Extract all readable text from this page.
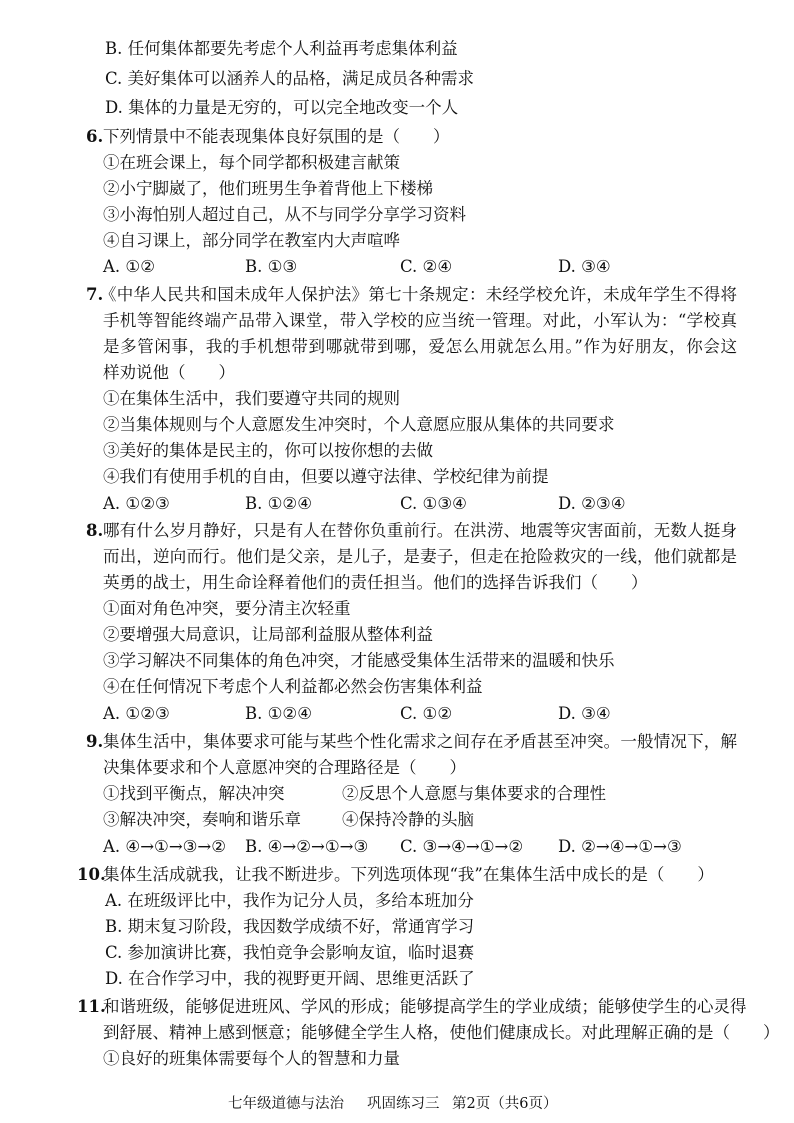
B. 任何集体都要先考虑个人利益再考虑集体利益
C. 美好集体可以涵养人的品格，满足成员各种需求
D. 集体的力量是无穷的，可以完全地改变一个人
6. 下列情景中不能表现集体良好氛围的是（　　）
①在班会课上，每个同学都积极建言献策
②小宁脚崴了，他们班男生争着背他上下楼梯
③小海怕别人超过自己，从不与同学分享学习资料
④自习课上，部分同学在教室内大声喧哗
A. ①②	B. ①③	C. ②④	D. ③④
7.
《中华人民共和国未成年人保护法》第七十条规定：未经学校允许，未成年学生不得将
手机等智能终端产品带入课堂，带入学校的应当统一管理。对此，小军认为：“学校真
是多管闲事，我的手机想带到哪就带到哪，爱怎么用就怎么用。”作为好朋友，你会这
样劝说他（　　）
①在集体生活中，我们要遵守共同的规则
②当集体规则与个人意愿发生冲突时，个人意愿应服从集体的共同要求
③美好的集体是民主的，你可以按你想的去做
④我们有使用手机的自由，但要以遵守法律、学校纪律为前提
A. ①②③	B. ①②④	C. ①③④	D. ②③④
8. 哪有什么岁月静好，只是有人在替你负重前行。在洪涝、地震等灾害面前，无数人挺身
而出，逆向而行。他们是父亲，是儿子，是妻子，但走在抢险救灾的一线，他们就都是
英勇的战士，用生命诠释着他们的责任担当。他们的选择告诉我们（　　）
①面对角色冲突，要分清主次轻重
②要增强大局意识，让局部利益服从整体利益
③学习解决不同集体的角色冲突，才能感受集体生活带来的温暖和快乐
④在任何情况下考虑个人利益都必然会伤害集体利益
A. ①②③	B. ①②④	C. ①②	D. ③④
9. 集体生活中，集体要求可能与某些个性化需求之间存在矛盾甚至冲突。一般情况下，解
决集体要求和个人意愿冲突的合理路径是（　　）
①找到平衡点，解决冲突	②反思个人意愿与集体要求的合理性
③解决冲突，奏响和谐乐章 ④保持冷静的头脑
A. ④→①→③→② B. ④→②→①→③ C. ③→④→①→② D. ②→④→①→③
10.
集体生活成就我，让我不断进步。下列选项体现“我”在集体生活中成长的是（　　）
A. 在班级评比中，我作为记分人员，多给本班加分
B. 期末复习阶段，我因数学成绩不好，常通宵学习
C. 参加演讲比赛，我怕竞争会影响友谊，临时退赛
D. 在合作学习中，我的视野更开阔、思维更活跃了
11.
和谐班级，能够促进班风、学风的形成；能够提高学生的学业成绩；能够使学生的心灵得
到舒展、精神上感到惬意；能够健全学生人格，使他们健康成长。对此理解正确的是（　　）
①良好的班集体需要每个人的智慧和力量
七年级道德与法治 巩固练习三 第2页（共6页）
